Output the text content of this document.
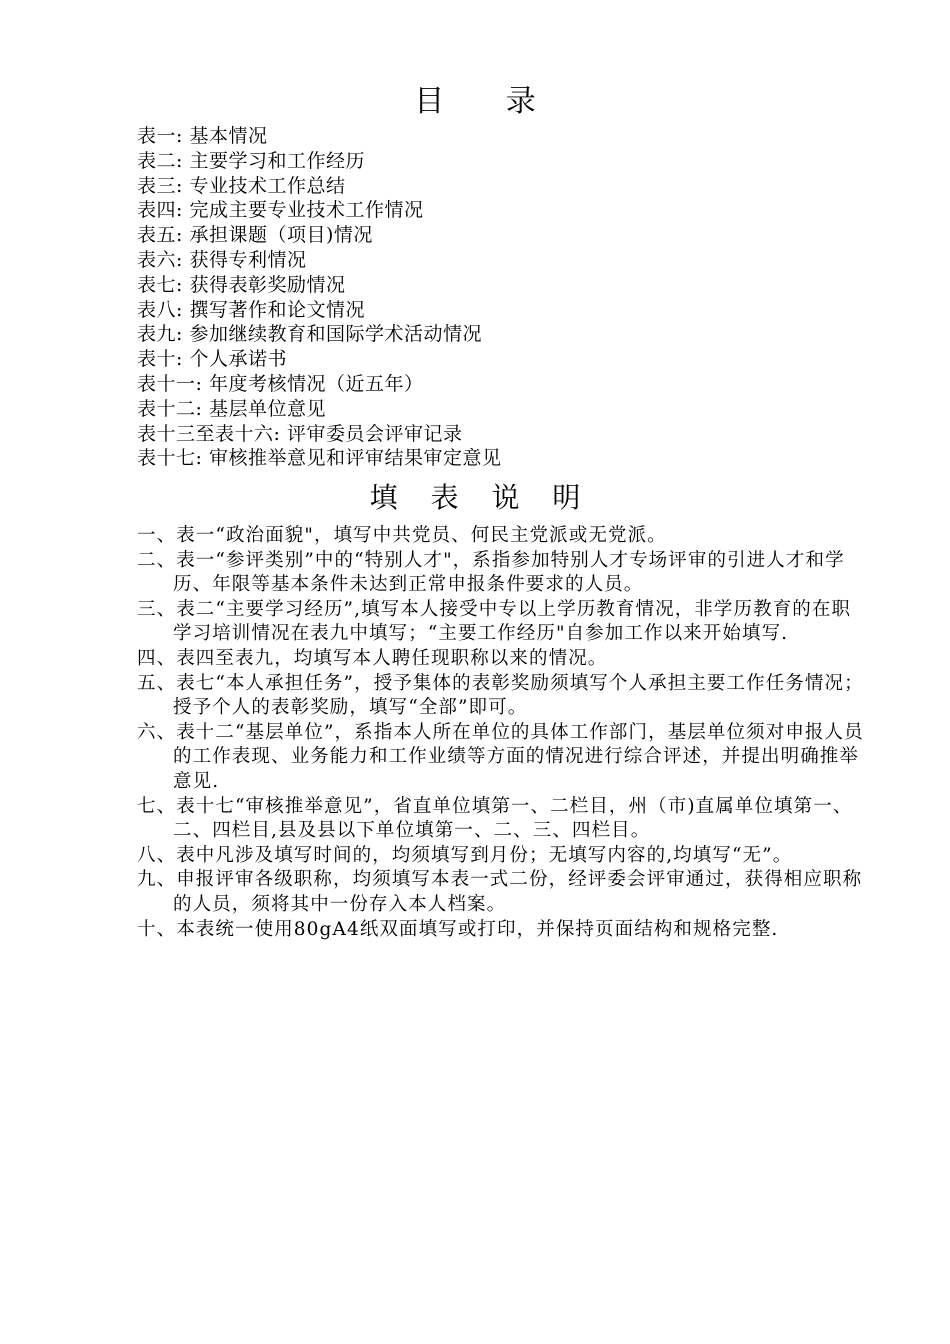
目 录
表一: 基本情况
表二: 主要学习和工作经历
表三: 专业技术工作总结
表四: 完成主要专业技术工作情况
表五: 承担课题（项目)情况
表六: 获得专利情况
表七: 获得表彰奖励情况
表八: 撰写著作和论文情况
表九: 参加继续教育和国际学术活动情况
表十: 个人承诺书
表十一: 年度考核情况（近五年）
表十二: 基层单位意见
表十三至表十六: 评审委员会评审记录
表十七: 审核推举意见和评审结果审定意见
填 表 说 明
一、表一“政治面貌"，填写中共党员、何民主党派或无党派。
二、表一“参评类别”中的“特别人才"，系指参加特别人才专场评审的引进人才和学历、年限等基本条件未达到正常申报条件要求的人员。
三、表二“主要学习经历”,填写本人接受中专以上学历教育情况，非学历教育的在职学习培训情况在表九中填写；“主要工作经历"自参加工作以来开始填写.
四、表四至表九，均填写本人聘任现职称以来的情况。
五、表七“本人承担任务”，授予集体的表彰奖励须填写个人承担主要工作任务情况；授予个人的表彰奖励，填写“全部”即可。
六、表十二“基层单位”，系指本人所在单位的具体工作部门，基层单位须对申报人员的工作表现、业务能力和工作业绩等方面的情况进行综合评述，并提出明确推举意见.
七、表十七“审核推举意见”，省直单位填第一、二栏目，州（市)直属单位填第一、二、四栏目,县及县以下单位填第一、二、三、四栏目。
八、表中凡涉及填写时间的，均须填写到月份；无填写内容的,均填写“无”。
九、申报评审各级职称，均须填写本表一式二份，经评委会评审通过，获得相应职称的人员，须将其中一份存入本人档案。
十、本表统一使用80gA4纸双面填写或打印，并保持页面结构和规格完整.
